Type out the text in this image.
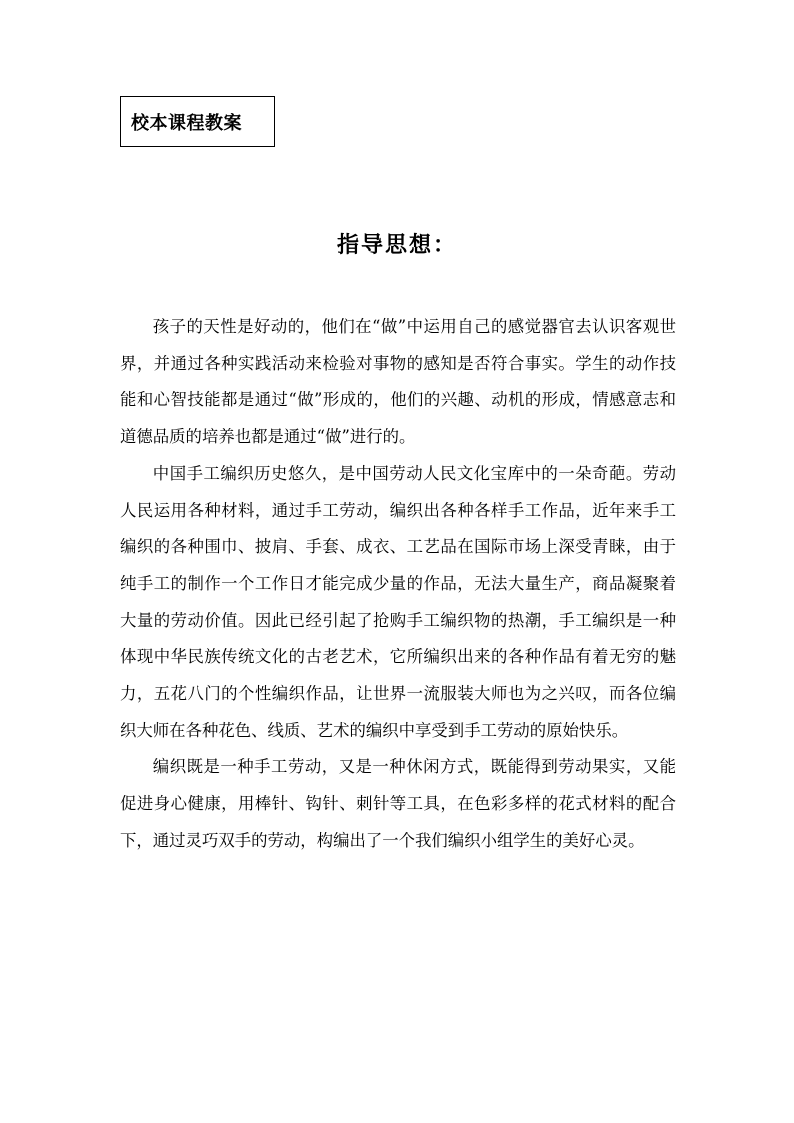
校本课程教案
指导思想：

孩子的天性是好动的，他们在“做”中运用自己的感觉器官去认识客观世界，并通过各种实践活动来检验对事物的感知是否符合事实。学生的动作技能和心智技能都是通过“做”形成的，他们的兴趣、动机的形成，情感意志和道德品质的培养也都是通过“做”进行的。

中国手工编织历史悠久，是中国劳动人民文化宝库中的一朵奇葩。劳动人民运用各种材料，通过手工劳动，编织出各种各样手工作品，近年来手工编织的各种围巾、披肩、手套、成衣、工艺品在国际市场上深受青睐，由于纯手工的制作一个工作日才能完成少量的作品，无法大量生产，商品凝聚着大量的劳动价值。因此已经引起了抢购手工编织物的热潮，手工编织是一种体现中华民族传统文化的古老艺术，它所编织出来的各种作品有着无穷的魅力，五花八门的个性编织作品，让世界一流服装大师也为之兴叹，而各位编织大师在各种花色、线质、艺术的编织中享受到手工劳动的原始快乐。

编织既是一种手工劳动，又是一种休闲方式，既能得到劳动果实，又能促进身心健康，用棒针、钩针、刺针等工具，在色彩多样的花式材料的配合下，通过灵巧双手的劳动，构编出了一个我们编织小组学生的美好心灵。
